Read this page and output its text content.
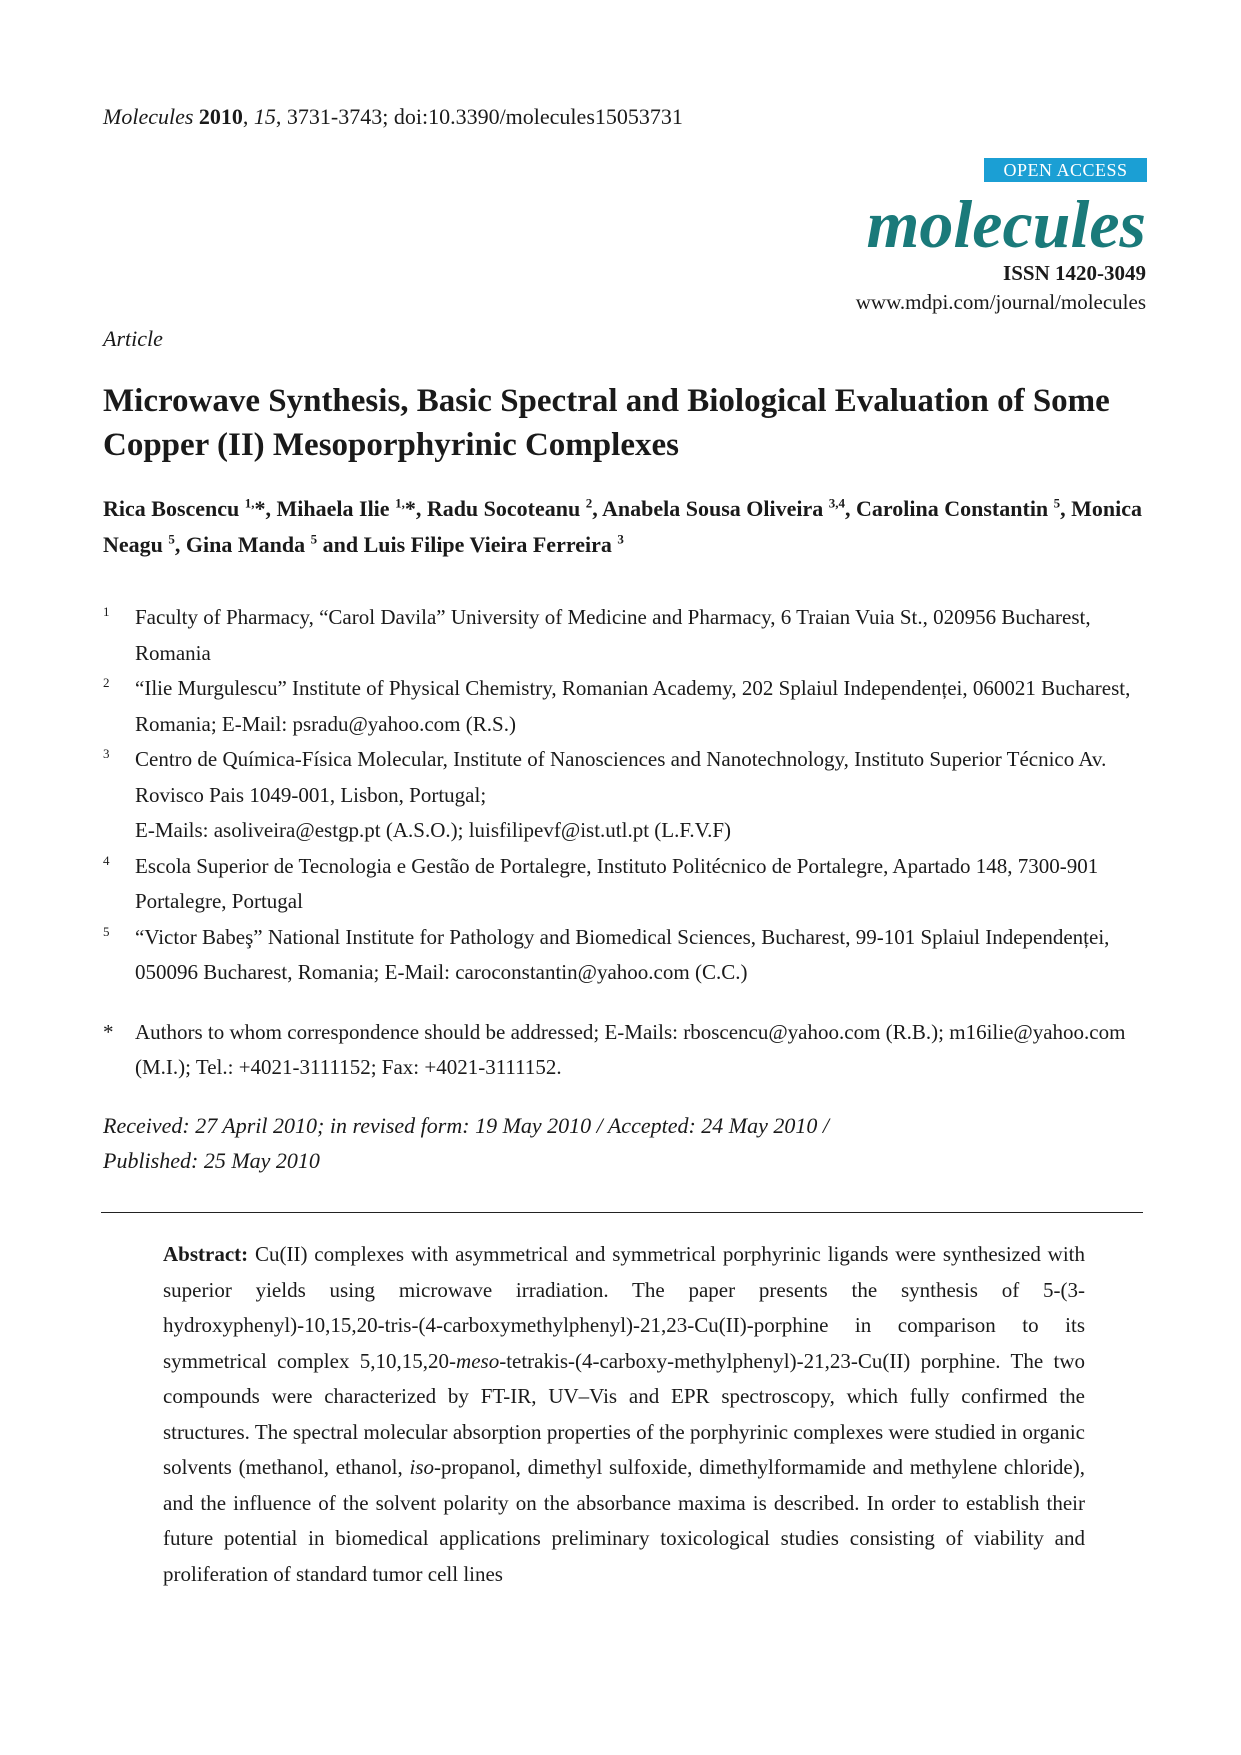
Molecules 2010, 15, 3731-3743; doi:10.3390/molecules15053731
OPEN ACCESS
molecules
ISSN 1420-3049
www.mdpi.com/journal/molecules
Article
Microwave Synthesis, Basic Spectral and Biological Evaluation of Some Copper (II) Mesoporphyrinic Complexes
Rica Boscencu $^{1,}$*, Mihaela Ilie $^{1,}$*, Radu Socoteanu $^2$, Anabela Sousa Oliveira $^{3,4}$, Carolina Constantin $^5$, Monica Neagu $^5$, Gina Manda $^5$ and Luis Filipe Vieira Ferreira $^3$
1 Faculty of Pharmacy, “Carol Davila” University of Medicine and Pharmacy, 6 Traian Vuia St., 020956 Bucharest, Romania
2 “Ilie Murgulescu” Institute of Physical Chemistry, Romanian Academy, 202 Splaiul Independenței, 060021 Bucharest, Romania; E-Mail: psradu@yahoo.com (R.S.)
3 Centro de Química-Física Molecular, Institute of Nanosciences and Nanotechnology, Instituto Superior Técnico Av. Rovisco Pais 1049-001, Lisbon, Portugal;
E-Mails: asoliveira@estgp.pt (A.S.O.); luisfilipevf@ist.utl.pt (L.F.V.F)
4 Escola Superior de Tecnologia e Gestão de Portalegre, Instituto Politécnico de Portalegre, Apartado 148, 7300-901 Portalegre, Portugal
5 “Victor Babeş” National Institute for Pathology and Biomedical Sciences, Bucharest, 99-101 Splaiul Independenței, 050096 Bucharest, Romania; E-Mail: caroconstantin@yahoo.com (C.C.)
*	Authors to whom correspondence should be addressed; E-Mails: rboscencu@yahoo.com (R.B.); m16ilie@yahoo.com (M.I.); Tel.: +4021-3111152; Fax: +4021-3111152.
Received: 27 April 2010; in revised form: 19 May 2010 / Accepted: 24 May 2010 /
Published: 25 May 2010
Abstract: Cu(II) complexes with asymmetrical and symmetrical porphyrinic ligands were synthesized with superior yields using microwave irradiation. The paper presents the synthesis of 5-(3-hydroxyphenyl)-10,15,20-tris-(4-carboxymethylphenyl)-21,23-Cu(II)-porphine in comparison to its symmetrical complex 5,10,15,20-meso-tetrakis-(4-carboxy-methylphenyl)-21,23-Cu(II) porphine. The two compounds were characterized by FT-IR, UV–Vis and EPR spectroscopy, which fully confirmed the structures. The spectral molecular absorption properties of the porphyrinic complexes were studied in organic solvents (methanol, ethanol, iso-propanol, dimethyl sulfoxide, dimethylformamide and methylene chloride), and the influence of the solvent polarity on the absorbance maxima is described. In order to establish their future potential in biomedical applications preliminary toxicological studies consisting of viability and proliferation of standard tumor cell lines
